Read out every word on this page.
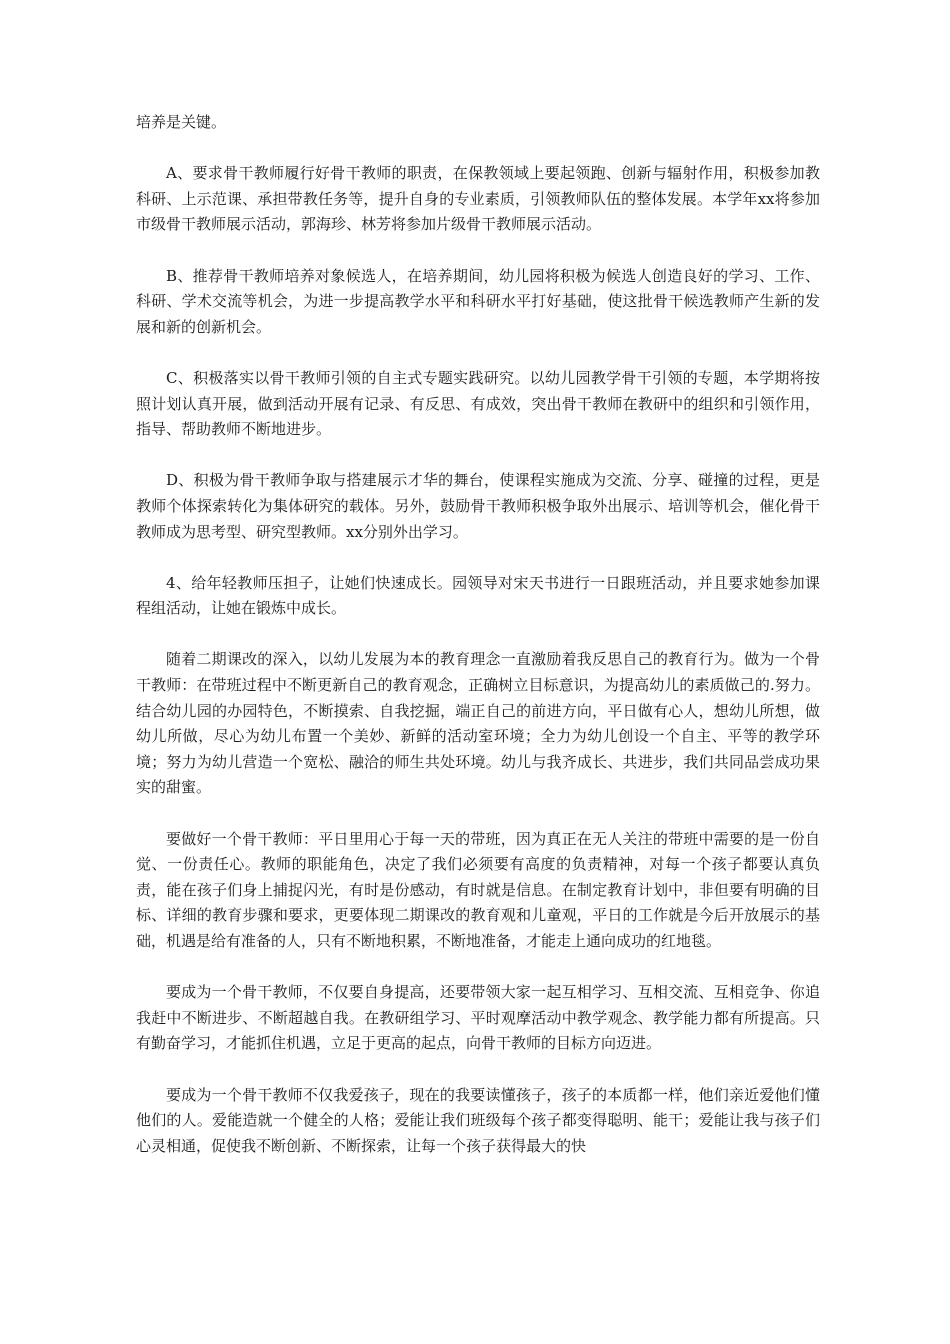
培养是关键。

A、要求骨干教师履行好骨干教师的职责，在保教领域上要起领跑、创新与辐射作用，积极参加教科研、上示范课、承担带教任务等，提升自身的专业素质，引领教师队伍的整体发展。本学年xx将参加市级骨干教师展示活动，郭海珍、林芳将参加片级骨干教师展示活动。

B、推荐骨干教师培养对象候选人，在培养期间，幼儿园将积极为候选人创造良好的学习、工作、科研、学术交流等机会，为进一步提高教学水平和科研水平打好基础，使这批骨干候选教师产生新的发展和新的创新机会。

C、积极落实以骨干教师引领的自主式专题实践研究。以幼儿园教学骨干引领的专题，本学期将按照计划认真开展，做到活动开展有记录、有反思、有成效，突出骨干教师在教研中的组织和引领作用，指导、帮助教师不断地进步。

D、积极为骨干教师争取与搭建展示才华的舞台，使课程实施成为交流、分享、碰撞的过程，更是教师个体探索转化为集体研究的载体。另外，鼓励骨干教师积极争取外出展示、培训等机会，催化骨干教师成为思考型、研究型教师。xx分别外出学习。

4、给年轻教师压担子，让她们快速成长。园领导对宋天书进行一日跟班活动，并且要求她参加课程组活动，让她在锻炼中成长。

随着二期课改的深入，以幼儿发展为本的教育理念一直激励着我反思自己的教育行为。做为一个骨干教师：在带班过程中不断更新自己的教育观念，正确树立目标意识，为提高幼儿的素质做己的.努力。结合幼儿园的办园特色，不断摸索、自我挖掘，端正自己的前进方向，平日做有心人，想幼儿所想，做幼儿所做，尽心为幼儿布置一个美妙、新鲜的活动室环境；全力为幼儿创设一个自主、平等的教学环境；努力为幼儿营造一个宽松、融洽的师生共处环境。幼儿与我齐成长、共进步，我们共同品尝成功果实的甜蜜。

要做好一个骨干教师：平日里用心于每一天的带班，因为真正在无人关注的带班中需要的是一份自觉、一份责任心。教师的职能角色，决定了我们必须要有高度的负责精神，对每一个孩子都要认真负责，能在孩子们身上捕捉闪光，有时是份感动，有时就是信息。在制定教育计划中，非但要有明确的目标、详细的教育步骤和要求，更要体现二期课改的教育观和儿童观，平日的工作就是今后开放展示的基础，机遇是给有准备的人，只有不断地积累，不断地准备，才能走上通向成功的红地毯。

要成为一个骨干教师，不仅要自身提高，还要带领大家一起互相学习、互相交流、互相竞争、你追我赶中不断进步、不断超越自我。在教研组学习、平时观摩活动中教学观念、教学能力都有所提高。只有勤奋学习，才能抓住机遇，立足于更高的起点，向骨干教师的目标方向迈进。

要成为一个骨干教师不仅我爱孩子，现在的我要读懂孩子，孩子的本质都一样，他们亲近爱他们懂他们的人。爱能造就一个健全的人格；爱能让我们班级每个孩子都变得聪明、能干；爱能让我与孩子们心灵相通，促使我不断创新、不断探索，让每一个孩子获得最大的快
